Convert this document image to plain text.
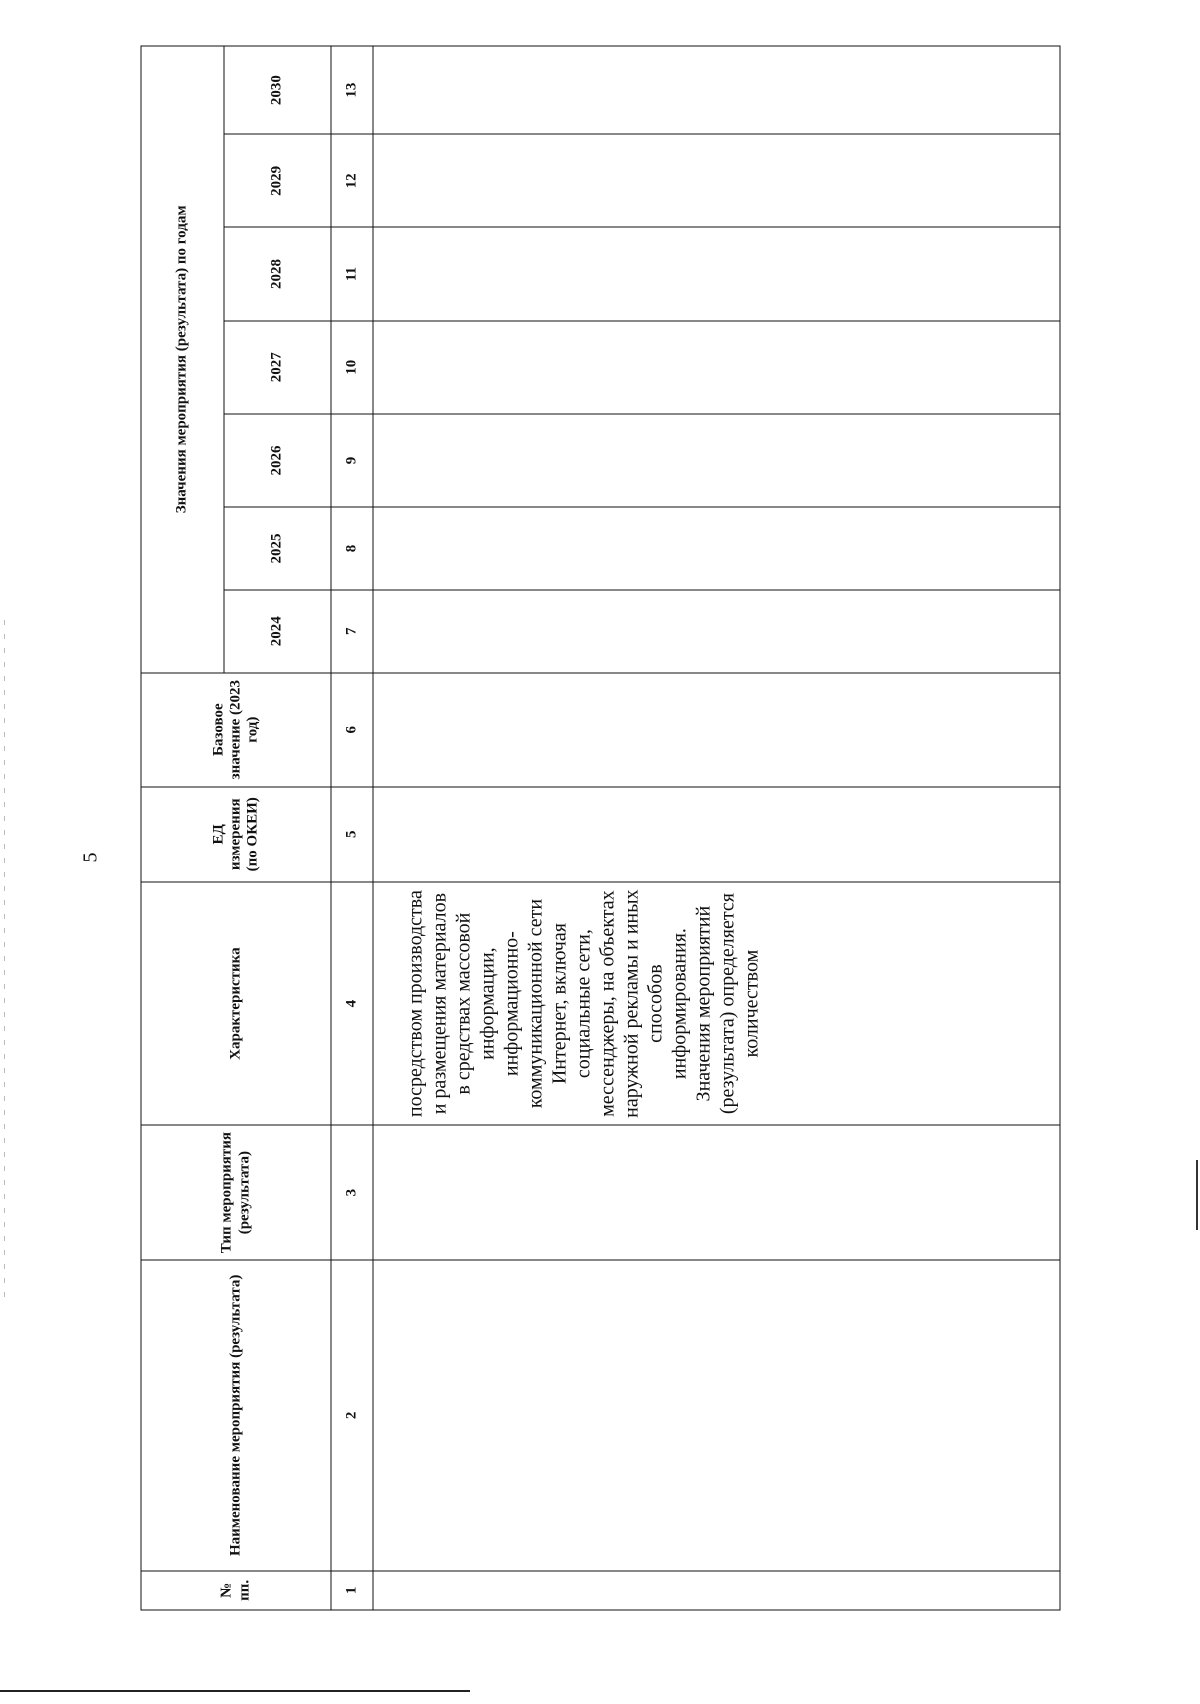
5
№ пп.	Наименование мероприятия (результата)	Тип мероприятия (результата)	Характеристика	ЕД измерения (по ОКЕИ)	Базовое значение (2023 год)	Значения мероприятия (результата) по годам						
						2024	2025	2026	2027	2028	2029	2030
1	2	3	4	5	6	7	8	9	10	11	12	13
			посредством производства и размещения материалов в средствах массовой информации, информационно-коммуникационной сети Интернет, включая социальные сети, мессенджеры, на объектах наружной рекламы и иных способов информирования. Значения мероприятий (результата) определяется количеством									
